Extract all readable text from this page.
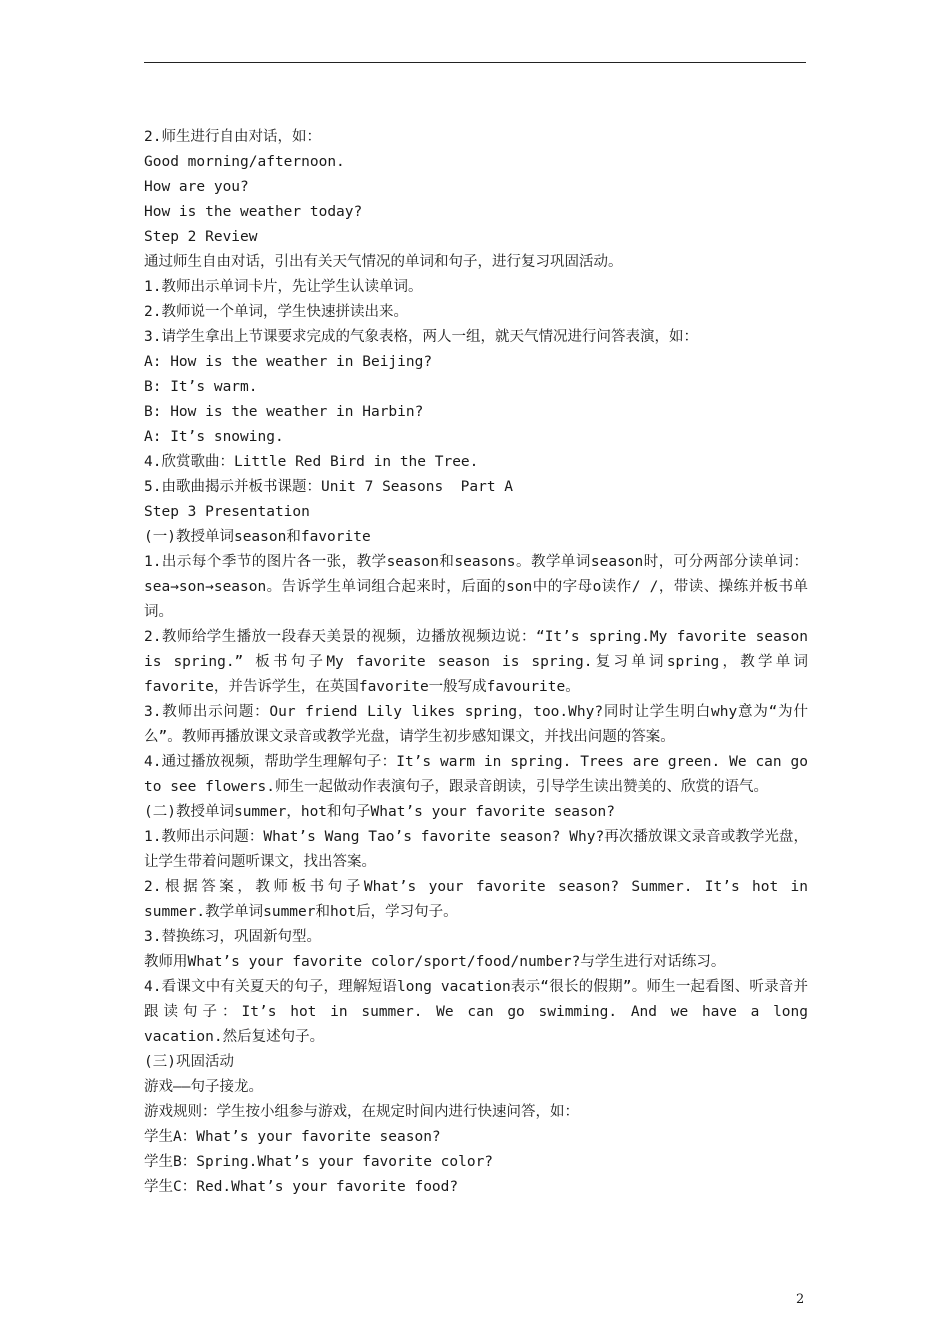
2.师生进行自由对话，如：
Good morning/afternoon.
How are you?
How is the weather today?
Step 2 Review
通过师生自由对话，引出有关天气情况的单词和句子，进行复习巩固活动。
1.教师出示单词卡片，先让学生认读单词。
2.教师说一个单词，学生快速拼读出来。
3.请学生拿出上节课要求完成的气象表格，两人一组，就天气情况进行问答表演，如：
A: How is the weather in Beijing?
B: It’s warm.
B: How is the weather in Harbin?
A: It’s snowing.
4.欣赏歌曲：Little Red Bird in the Tree.
5.由歌曲揭示并板书课题：Unit 7 Seasons  Part A
Step 3 Presentation
(一)教授单词season和favorite
1.出示每个季节的图片各一张，教学season和seasons。教学单词season时，可分两部分读单词：sea→son→season。告诉学生单词组合起来时，后面的son中的字母o读作/ /，带读、操练并板书单词。
2.教师给学生播放一段春天美景的视频，边播放视频边说：“It’s spring.My favorite season is spring.” 板书句子My favorite season is spring.复习单词spring，教学单词favorite，并告诉学生，在英国favorite一般写成favourite。
3.教师出示问题：Our friend Lily likes spring，too.Why?同时让学生明白why意为“为什么”。教师再播放课文录音或教学光盘，请学生初步感知课文，并找出问题的答案。
4.通过播放视频，帮助学生理解句子：It’s warm in spring. Trees are green. We can go to see flowers.师生一起做动作表演句子，跟录音朗读，引导学生读出赞美的、欣赏的语气。
(二)教授单词summer，hot和句子What’s your favorite season?
1.教师出示问题：What’s Wang Tao’s favorite season? Why?再次播放课文录音或教学光盘，让学生带着问题听课文，找出答案。
2.根据答案，教师板书句子What’s your favorite season? Summer. It’s hot in summer.教学单词summer和hot后，学习句子。
3.替换练习，巩固新句型。
教师用What’s your favorite color/sport/food/number?与学生进行对话练习。
4.看课文中有关夏天的句子，理解短语long vacation表示“很长的假期”。师生一起看图、听录音并跟读句子：It’s hot in summer. We can go swimming. And we have a long vacation.然后复述句子。
(三)巩固活动
游戏——句子接龙。
游戏规则：学生按小组参与游戏，在规定时间内进行快速问答，如：
学生A：What’s your favorite season?
学生B：Spring.What’s your favorite color?
学生C：Red.What’s your favorite food?
2
